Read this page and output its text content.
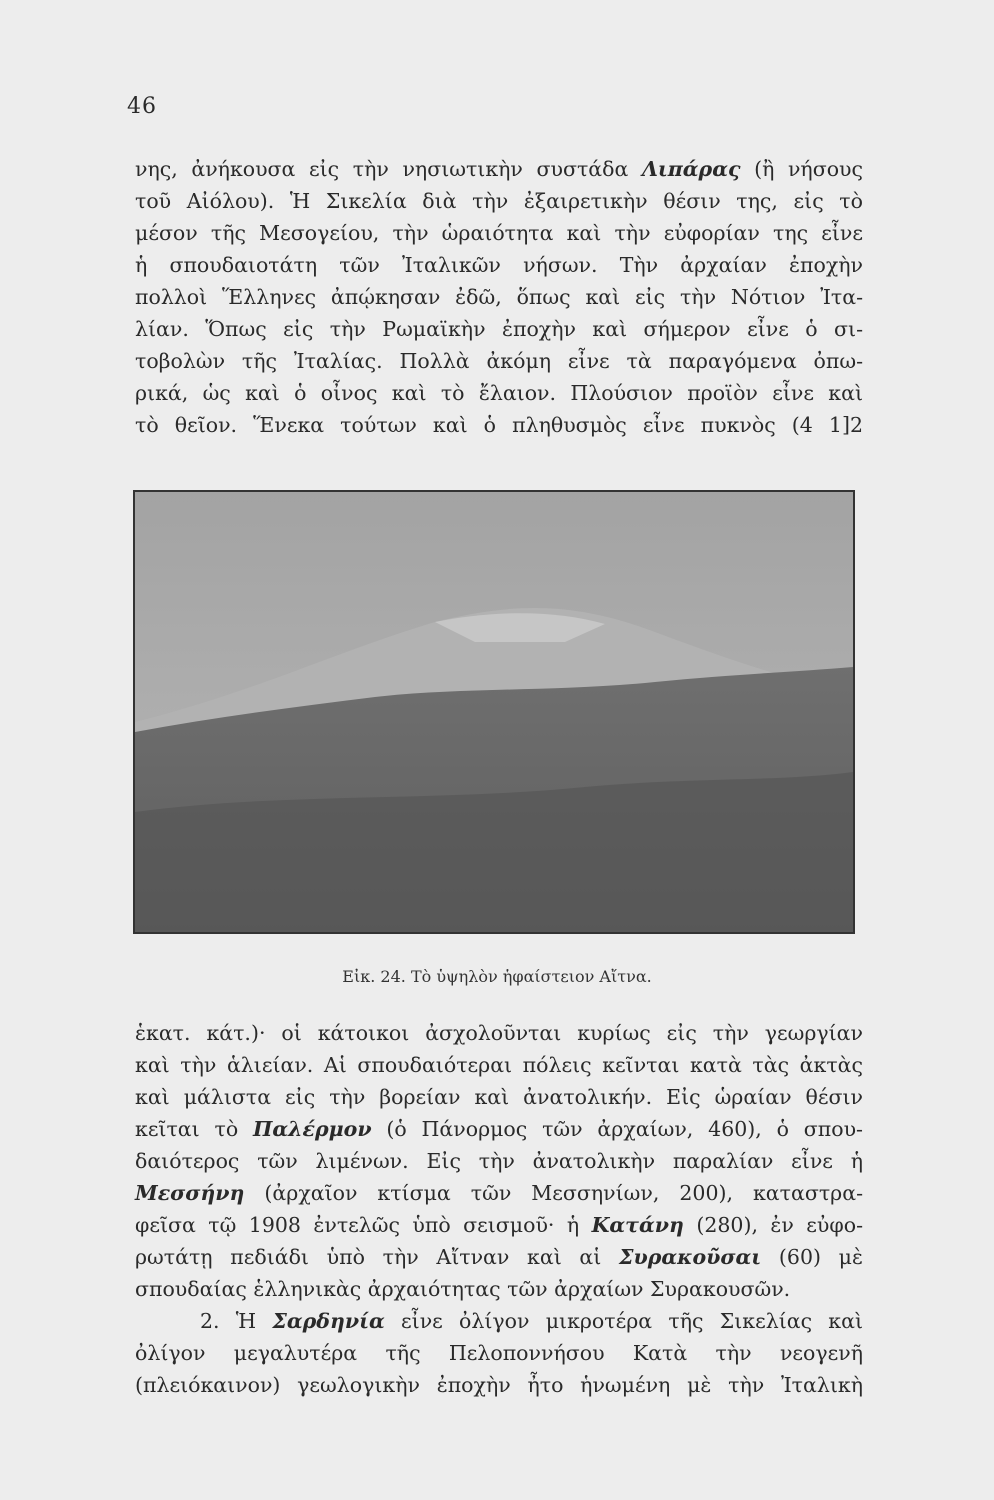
46
νης, ἀνήκουσα εἰς τὴν νησιωτικὴν συστάδα Λιπάρας (ἢ νήσους
τοῦ Αἰόλου). Ἡ Σικελία διὰ τὴν ἐξαιρετικὴν θέσιν της, εἰς τὸ
μέσον τῆς Μεσογείου, τὴν ὡραιότητα καὶ τὴν εὐφορίαν της εἶνε
ἡ σπουδαιοτάτη τῶν Ἰταλικῶν νήσων. Τὴν ἀρχαίαν ἐποχὴν
πολλοὶ Ἕλληνες ἀπῴκησαν ἐδῶ, ὅπως καὶ εἰς τὴν Νότιον Ἰτα-
λίαν. Ὅπως εἰς τὴν Ρωμαϊκὴν ἐποχὴν καὶ σήμερον εἶνε ὁ σι-
τοβολὼν τῆς Ἰταλίας. Πολλὰ ἀκόμη εἶνε τὰ παραγόμενα ὀπω-
ρικά, ὡς καὶ ὁ οἶνος καὶ τὸ ἔλαιον. Πλούσιον προϊὸν εἶνε καὶ
τὸ θεῖον. Ἕνεκα τούτων καὶ ὁ πληθυσμὸς εἶνε πυκνὸς (4 1]2
Εἰκ. 24. Τὸ ὑψηλὸν ἡφαίστειον Αἴτνα.
ἑκατ. κάτ.)· οἱ κάτοικοι ἀσχολοῦνται κυρίως εἰς τὴν γεωργίαν
καὶ τὴν ἁλιείαν. Αἱ σπουδαιότεραι πόλεις κεῖνται κατὰ τὰς ἀκτὰς
καὶ μάλιστα εἰς τὴν βορείαν καὶ ἀνατολικήν. Εἰς ὡραίαν θέσιν
κεῖται τὸ Παλέρμον (ὁ Πάνορμος τῶν ἀρχαίων, 460), ὁ σπου-
δαιότερος τῶν λιμένων. Εἰς τὴν ἀνατολικὴν παραλίαν εἶνε ἡ
Μεσσήνη (ἀρχαῖον κτίσμα τῶν Μεσσηνίων, 200), καταστρα-
φεῖσα τῷ 1908 ἐντελῶς ὑπὸ σεισμοῦ· ἡ Κατάνη (280), ἐν εὐφο-
ρωτάτῃ πεδιάδι ὑπὸ τὴν Αἴτναν καὶ αἱ Συρακοῦσαι (60) μὲ
σπουδαίας ἑλληνικὰς ἀρχαιότητας τῶν ἀρχαίων Συρακουσῶν.
2. Ἡ Σαρδηνία εἶνε ὀλίγον μικροτέρα τῆς Σικελίας καὶ
ὀλίγον μεγαλυτέρα τῆς Πελοποννήσου Κατὰ τὴν νεογενῆ
(πλειόκαινον) γεωλογικὴν ἐποχὴν ἦτο ἡνωμένη μὲ τὴν Ἰταλικὴ
